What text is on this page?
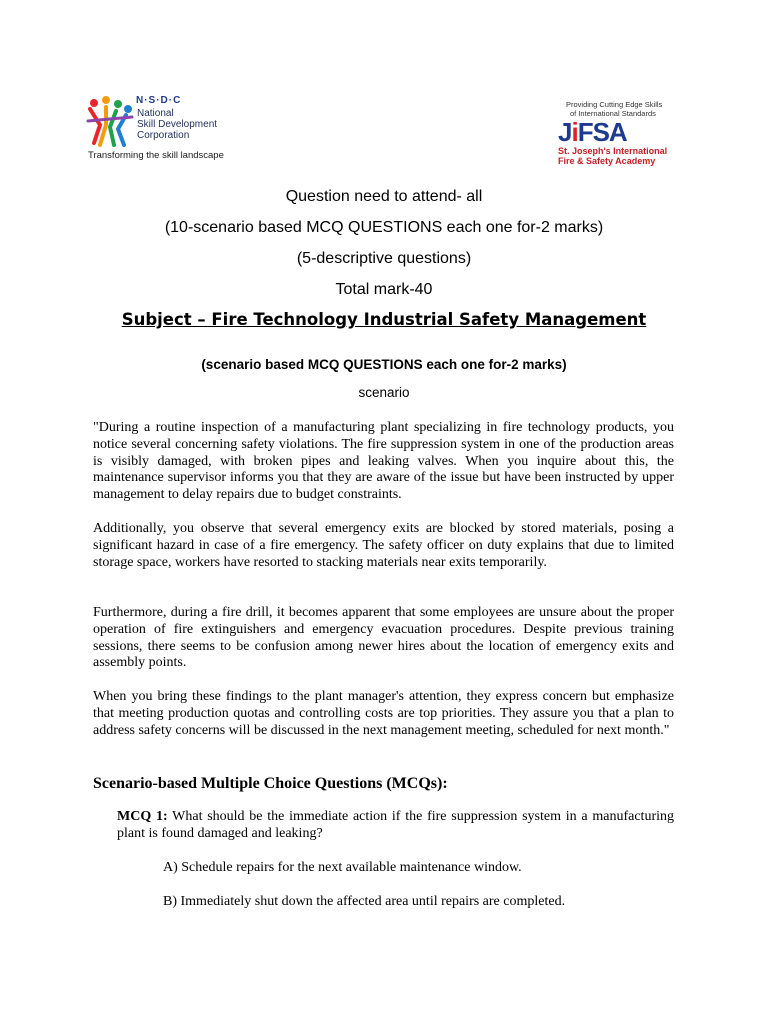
N·S·D·C
National
Skill Development
Corporation
Transforming the skill landscape
Providing Cutting Edge Skills
of International Standards
JiFSA
St. Joseph's International
Fire & Safety Academy
Question need to attend- all
(10-scenario based MCQ QUESTIONS each one for-2 marks)
(5-descriptive questions)
Total mark-40
Subject – Fire Technology Industrial Safety Management
(scenario based MCQ QUESTIONS each one for-2 marks)
scenario

"During a routine inspection of a manufacturing plant specializing in fire technology products, you notice several concerning safety violations. The fire suppression system in one of the production areas is visibly damaged, with broken pipes and leaking valves. When you inquire about this, the maintenance supervisor informs you that they are aware of the issue but have been instructed by upper management to delay repairs due to budget constraints.

Additionally, you observe that several emergency exits are blocked by stored materials, posing a significant hazard in case of a fire emergency. The safety officer on duty explains that due to limited storage space, workers have resorted to stacking materials near exits temporarily.

Furthermore, during a fire drill, it becomes apparent that some employees are unsure about the proper operation of fire extinguishers and emergency evacuation procedures. Despite previous training sessions, there seems to be confusion among newer hires about the location of emergency exits and assembly points.

When you bring these findings to the plant manager's attention, they express concern but emphasize that meeting production quotas and controlling costs are top priorities. They assure you that a plan to address safety concerns will be discussed in the next management meeting, scheduled for next month."

Scenario-based Multiple Choice Questions (MCQs):

MCQ 1: What should be the immediate action if the fire suppression system in a manufacturing plant is found damaged and leaking?

A) Schedule repairs for the next available maintenance window.
B) Immediately shut down the affected area until repairs are completed.
